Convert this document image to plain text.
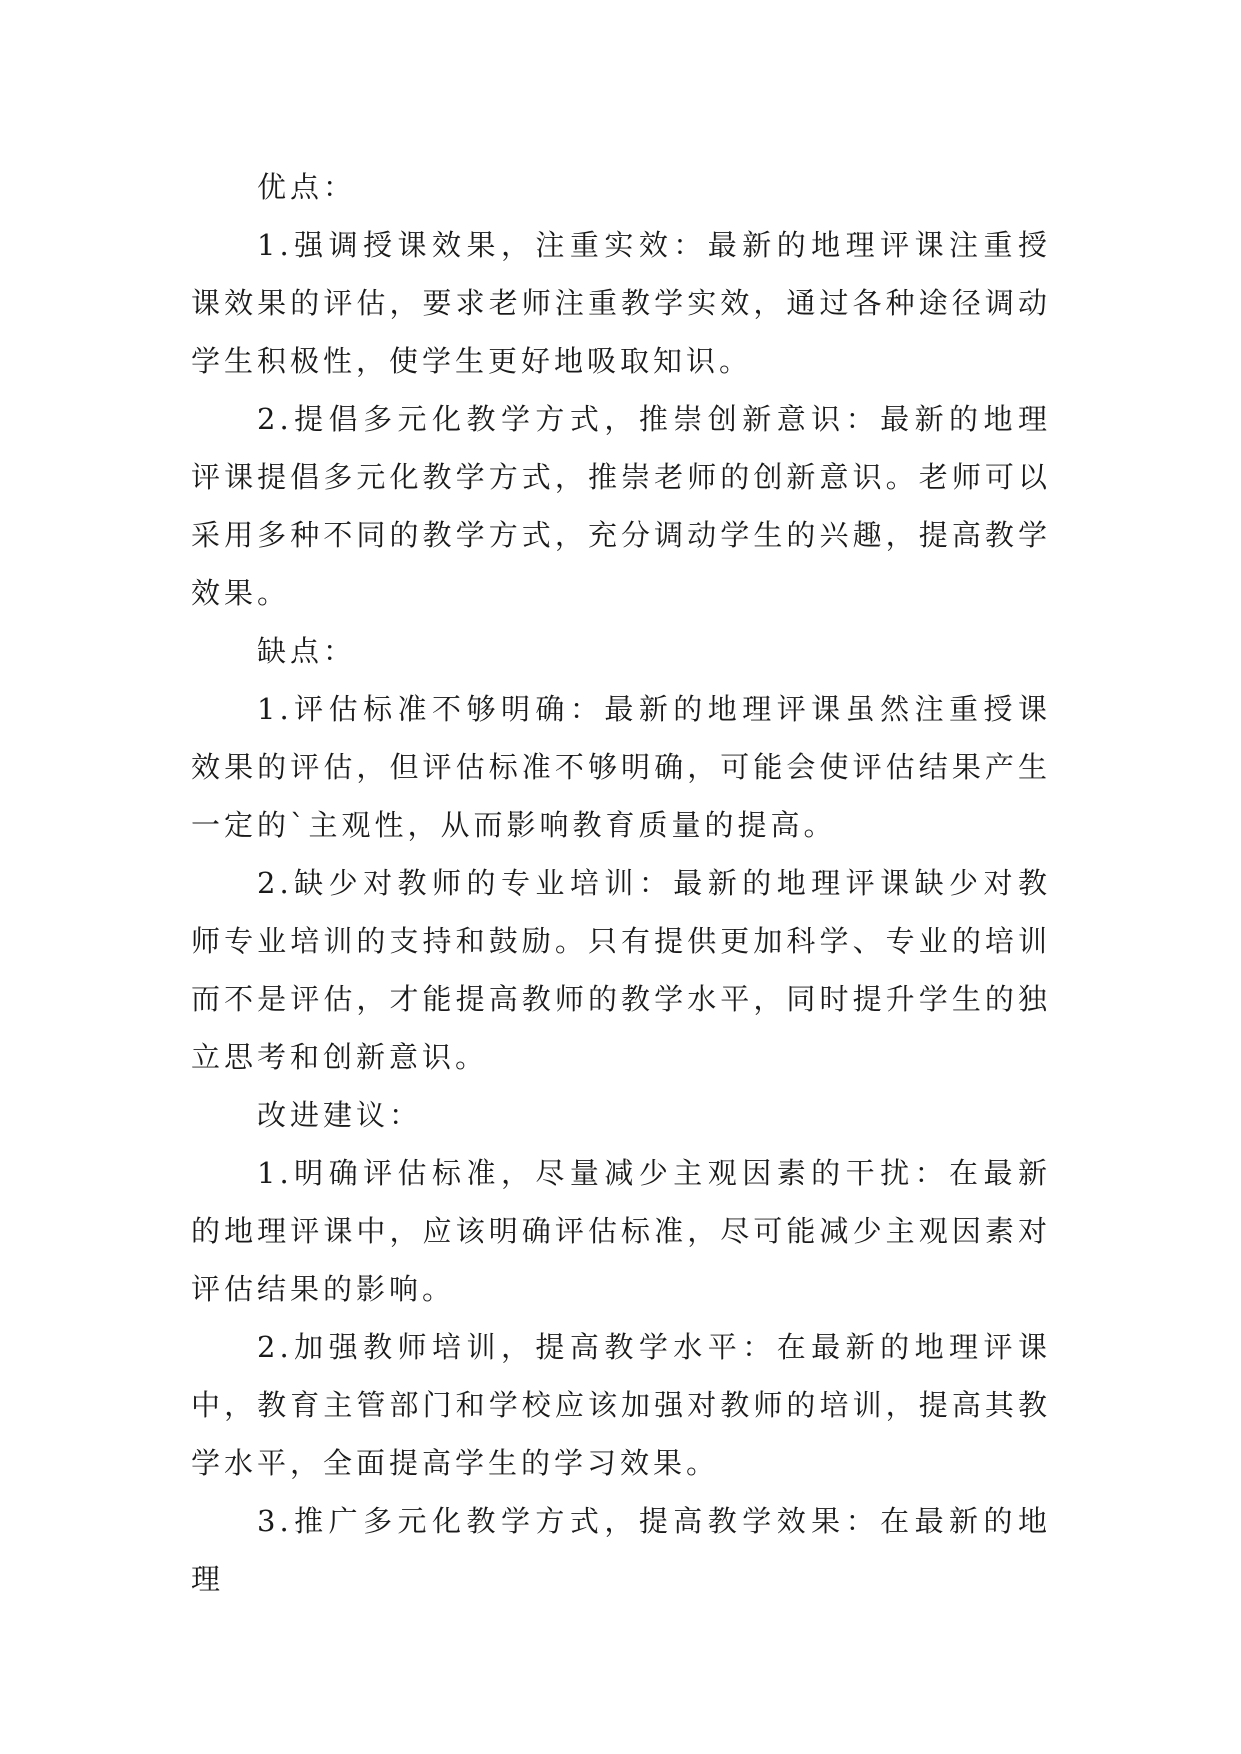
优点：

1.强调授课效果，注重实效：最新的地理评课注重授课效果的评估，要求老师注重教学实效，通过各种途径调动学生积极性，使学生更好地吸取知识。

2.提倡多元化教学方式，推崇创新意识：最新的地理评课提倡多元化教学方式，推崇老师的创新意识。老师可以采用多种不同的教学方式，充分调动学生的兴趣，提高教学效果。

缺点：

1.评估标准不够明确：最新的地理评课虽然注重授课效果的评估，但评估标准不够明确，可能会使评估结果产生一定的`主观性，从而影响教育质量的提高。

2.缺少对教师的专业培训：最新的地理评课缺少对教师专业培训的支持和鼓励。只有提供更加科学、专业的培训而不是评估，才能提高教师的教学水平，同时提升学生的独立思考和创新意识。

改进建议：

1.明确评估标准，尽量减少主观因素的干扰：在最新的地理评课中，应该明确评估标准，尽可能减少主观因素对评估结果的影响。

2.加强教师培训，提高教学水平：在最新的地理评课中，教育主管部门和学校应该加强对教师的培训，提高其教学水平，全面提高学生的学习效果。

3.推广多元化教学方式，提高教学效果：在最新的地理
